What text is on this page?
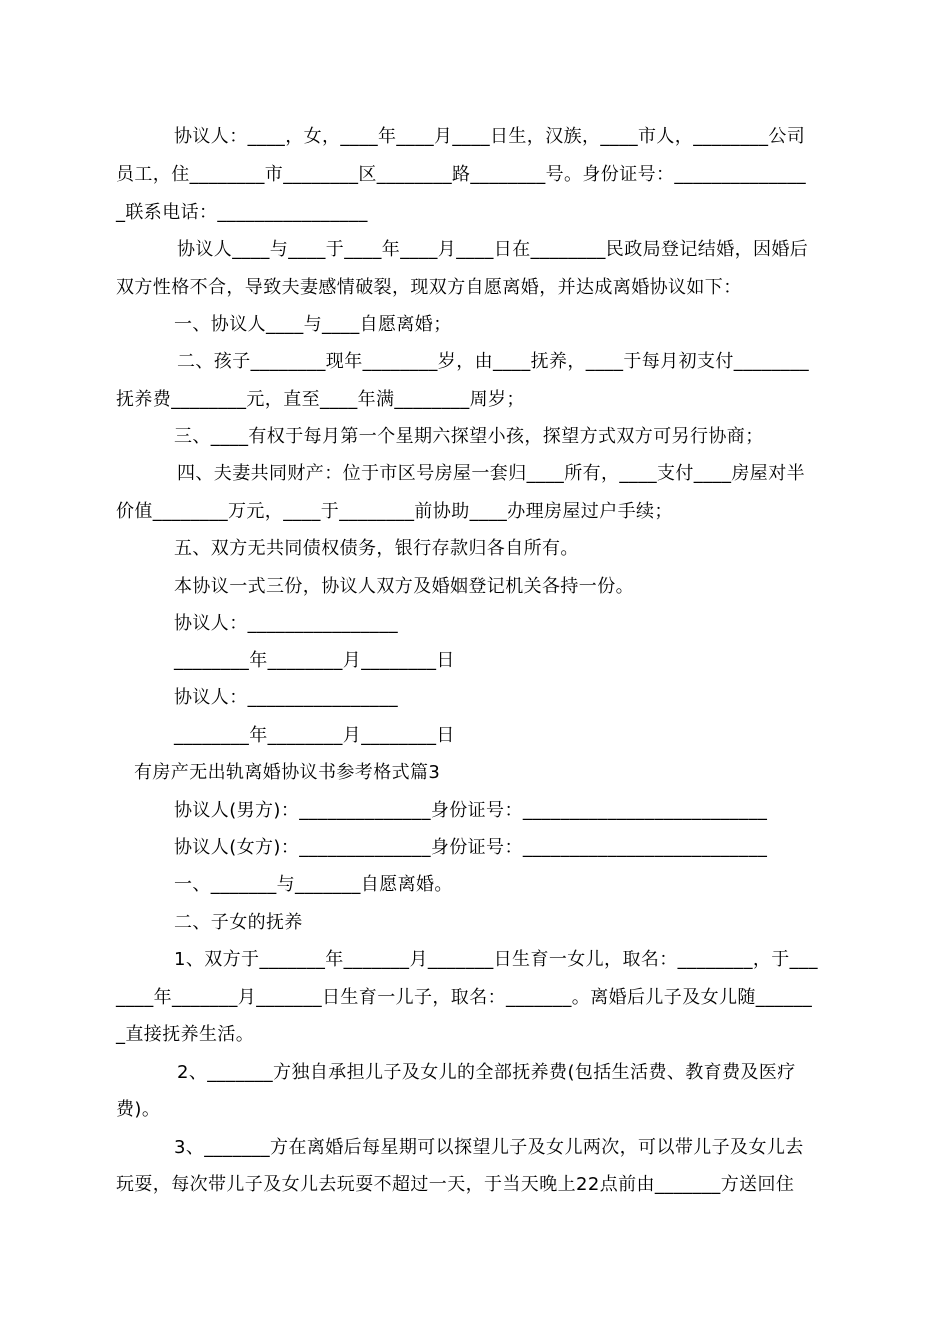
协议人：____，女，____年____月____日生，汉族，____市人，________公司
员工，住________市________区________路________号。身份证号：______________
_联系电话：________________
协议人____与____于____年____月____日在________民政局登记结婚，因婚后
双方性格不合，导致夫妻感情破裂，现双方自愿离婚，并达成离婚协议如下：
一、协议人____与____自愿离婚；
二、孩子________现年________岁，由____抚养，____于每月初支付________
抚养费________元，直至____年满________周岁；
三、____有权于每月第一个星期六探望小孩，探望方式双方可另行协商；
四、夫妻共同财产：位于市区号房屋一套归____所有，____支付____房屋对半
价值________万元，____于________前协助____办理房屋过户手续；
五、双方无共同债权债务，银行存款归各自所有。
本协议一式三份，协议人双方及婚姻登记机关各持一份。
协议人：________________
________年________月________日
协议人：________________
________年________月________日
有房产无出轨离婚协议书参考格式篇3
协议人(男方)：______________身份证号：__________________________
协议人(女方)：______________身份证号：__________________________
一、_______与_______自愿离婚。
二、子女的抚养
1、双方于_______年_______月_______日生育一女儿，取名：________，于___
____年_______月_______日生育一儿子，取名：_______。离婚后儿子及女儿随______
_直接抚养生活。
2、_______方独自承担儿子及女儿的全部抚养费(包括生活费、教育费及医疗
费)。
3、_______方在离婚后每星期可以探望儿子及女儿两次，可以带儿子及女儿去
玩耍，每次带儿子及女儿去玩耍不超过一天，于当天晚上22点前由_______方送回住
